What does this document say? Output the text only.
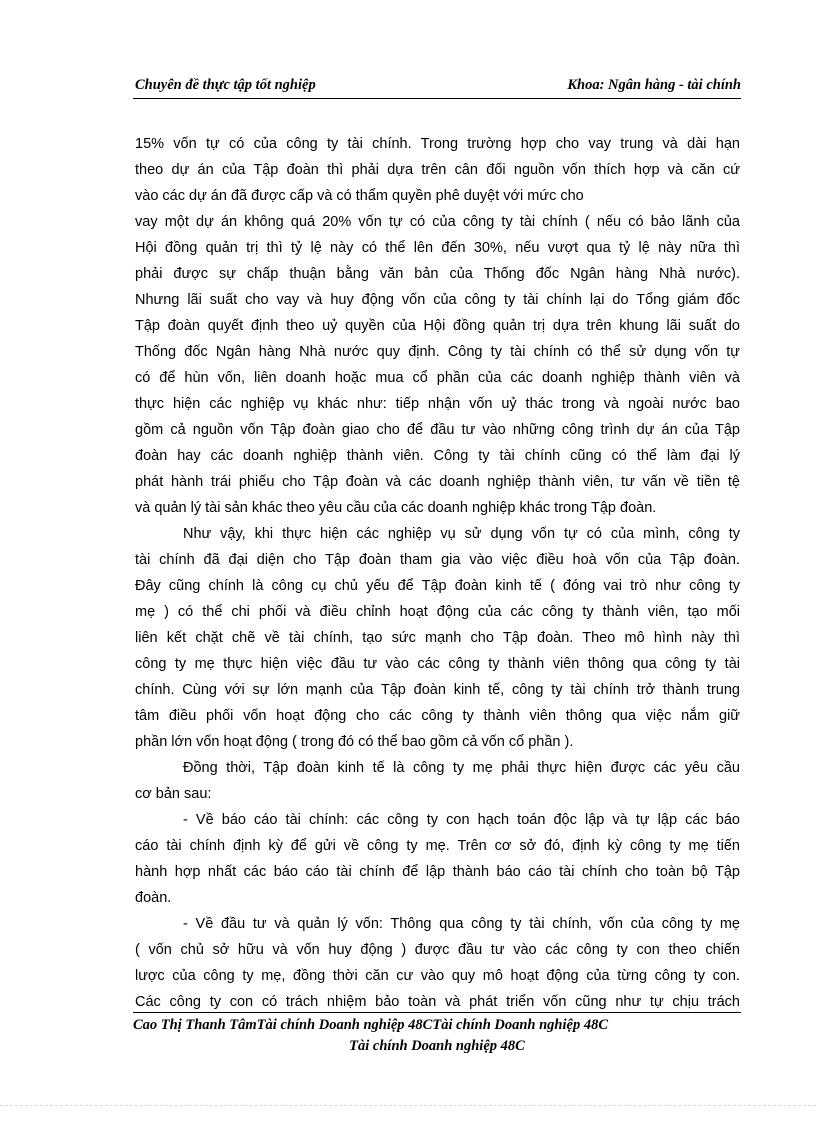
Chuyên đề thực tập tốt nghiệp	Khoa: Ngân hàng - tài chính

15% vốn tự có của công ty tài chính. Trong trường hợp cho vay trung và dài hạn

theo dự án của Tập đoàn thì phải dựa trên cân đối nguồn vốn thích hợp và căn cứ

vào các dự án đã được cấp và có thẩm quyền phê duyệt với mức cho

vay một dự án không quá 20% vốn tự có của công ty tài chính ( nếu có bảo lãnh của

Hội đồng quản trị thì tỷ lệ này có thể lên đến 30%, nếu vượt qua tỷ lệ này nữa thì

phải được sự chấp thuận bằng văn bản của Thống đốc Ngân hàng Nhà nước).

Nhưng lãi suất cho vay và huy động vốn của công ty tài chính lại do Tổng giám đốc

Tập đoàn quyết định theo uỷ quyền của Hội đồng quản trị dựa trên khung lãi suất do

Thống đốc Ngân hàng Nhà nước quy định. Công ty tài chính có thể sử dụng vốn tự

có để hùn vốn, liên doanh hoặc mua cổ phần của các doanh nghiệp thành viên và

thực hiện các nghiệp vụ khác như: tiếp nhận vốn uỷ thác trong và ngoài nước bao

gồm cả nguồn vốn Tập đoàn giao cho để đầu tư vào những công trình dự án của Tập

đoàn hay các doanh nghiệp thành viên. Công ty tài chính cũng có thể làm đại lý

phát hành trái phiếu cho Tập đoàn và các doanh nghiệp thành viên, tư vấn về tiền tệ

và quản lý tài sản khác theo yêu cầu của các doanh nghiệp khác trong Tập đoàn.

Như vậy, khi thực hiện các nghiệp vụ sử dụng vốn tự có của mình, công ty

tài chính đã đại diện cho Tập đoàn tham gia vào việc điều hoà vốn của Tập đoàn.

Đây cũng chính là công cụ chủ yếu để Tập đoàn kinh tế ( đóng vai trò như công ty

mẹ ) có thể chi phối và điều chỉnh hoạt động của các công ty thành viên, tạo mối

liên kết chặt chẽ về tài chính, tạo sức mạnh cho Tập đoàn. Theo mô hình này thì

công ty mẹ thực hiện việc đầu tư vào các công ty thành viên thông qua công ty tài

chính. Cùng với sự lớn mạnh của Tập đoàn kinh tế, công ty tài chính trở thành trung

tâm điều phối vốn hoạt động cho các công ty thành viên thông qua việc nắm giữ

phần lớn vốn hoạt động ( trong đó có thể bao gồm cả vốn cổ phần ).

Đồng thời, Tập đoàn kinh tế là công ty mẹ phải thực hiện được các yêu cầu

cơ bản sau:

- Về báo cáo tài chính: các công ty con hạch toán độc lập và tự lập các báo

cáo tài chính định kỳ để gửi về công ty mẹ. Trên cơ sở đó, định kỳ công ty mẹ tiến

hành hợp nhất các báo cáo tài chính để lập thành báo cáo tài chính cho toàn bộ Tập

đoàn.

- Về đầu tư và quản lý vốn: Thông qua công ty tài chính, vốn của công ty mẹ

( vốn chủ sở hữu và vốn huy động ) được đầu tư vào các công ty con theo chiến

lược của công ty mẹ, đồng thời căn cư vào quy mô hoạt động của từng công ty con.

Các công ty con có trách nhiệm bảo toàn và phát triển vốn cũng như tự chịu trách

Cao Thị Thanh TâmTài chính Doanh nghiệp 48CTài chính Doanh nghiệp 48C
Tài chính Doanh nghiệp 48C
